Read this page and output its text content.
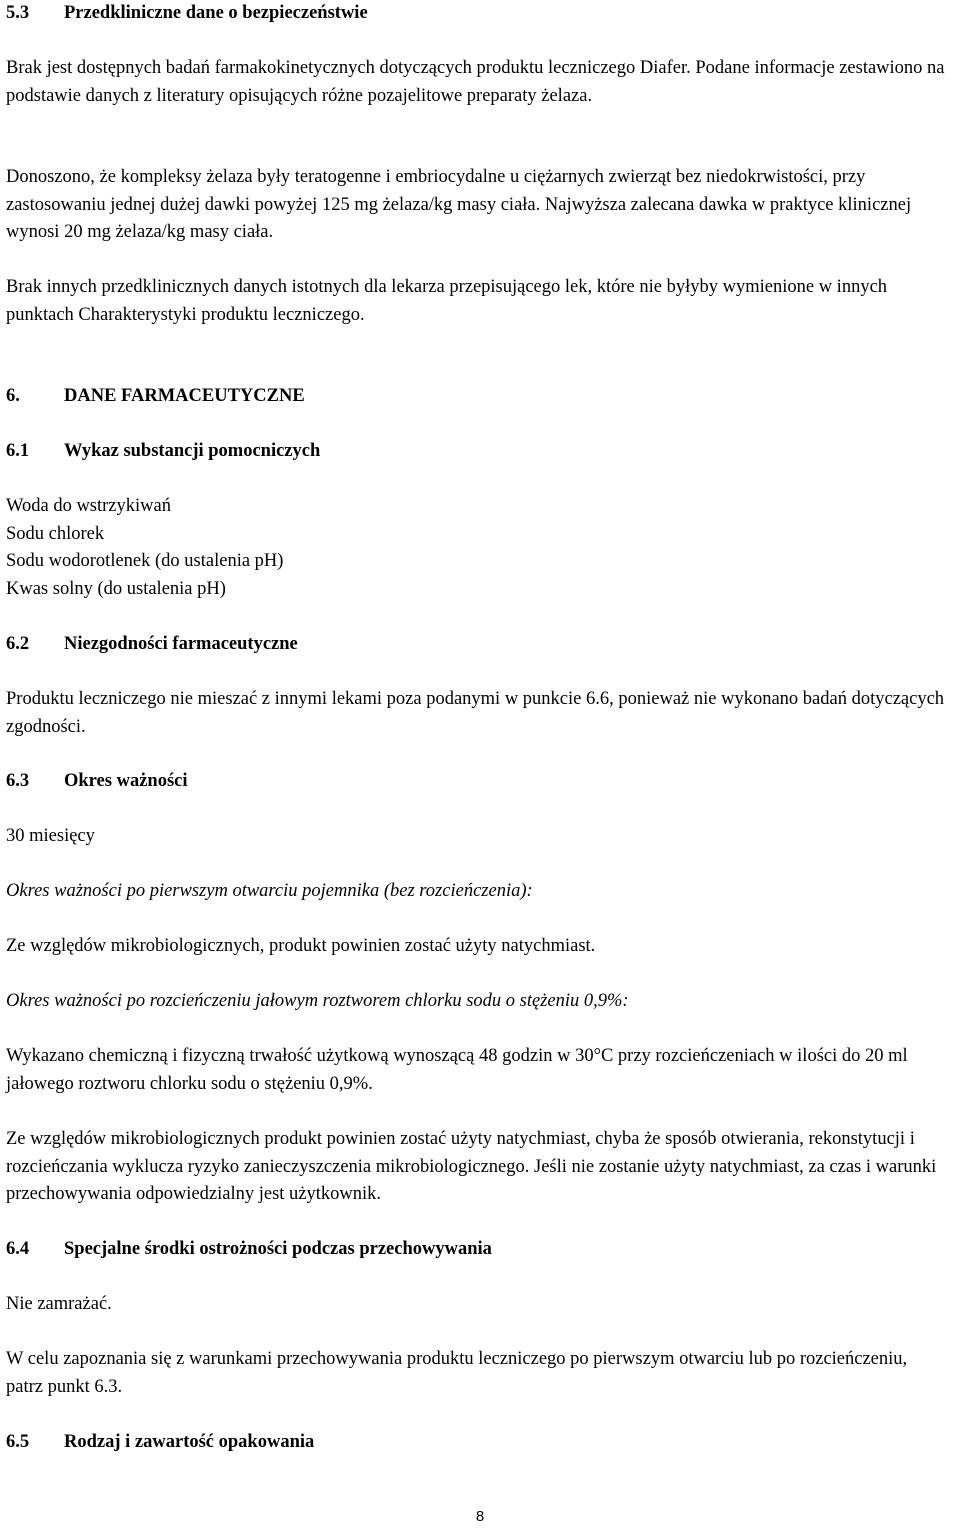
5.3 Przedkliniczne dane o bezpieczeństwie

Brak jest dostępnych badań farmakokinetycznych dotyczących produktu leczniczego Diafer. Podane informacje zestawiono na podstawie danych z literatury opisujących różne pozajelitowe preparaty żelaza.

Donoszono, że kompleksy żelaza były teratogenne i embriocydalne u ciężarnych zwierząt bez niedokrwistości, przy zastosowaniu jednej dużej dawki powyżej 125 mg żelaza/kg masy ciała. Najwyższa zalecana dawka w praktyce klinicznej wynosi 20 mg żelaza/kg masy ciała.

Brak innych przedklinicznych danych istotnych dla lekarza przepisującego lek, które nie byłyby wymienione w innych punktach Charakterystyki produktu leczniczego.

6. DANE FARMACEUTYCZNE

6.1 Wykaz substancji pomocniczych

Woda do wstrzykiwań
Sodu chlorek
Sodu wodorotlenek (do ustalenia pH)
Kwas solny (do ustalenia pH)

6.2 Niezgodności farmaceutyczne

Produktu leczniczego nie mieszać z innymi lekami poza podanymi w punkcie 6.6, ponieważ nie wykonano badań dotyczących zgodności.

6.3 Okres ważności

30 miesięcy

Okres ważności po pierwszym otwarciu pojemnika (bez rozcieńczenia):

Ze względów mikrobiologicznych, produkt powinien zostać użyty natychmiast.

Okres ważności po rozcieńczeniu jałowym roztworem chlorku sodu o stężeniu 0,9%:

Wykazano chemiczną i fizyczną trwałość użytkową wynoszącą 48 godzin w 30°C przy rozcieńczeniach w ilości do 20 ml jałowego roztworu chlorku sodu o stężeniu 0,9%.

Ze względów mikrobiologicznych produkt powinien zostać użyty natychmiast, chyba że sposób otwierania, rekonstytucji i rozcieńczania wyklucza ryzyko zanieczyszczenia mikrobiologicznego. Jeśli nie zostanie użyty natychmiast, za czas i warunki przechowywania odpowiedzialny jest użytkownik.

6.4 Specjalne środki ostrożności podczas przechowywania

Nie zamrażać.

W celu zapoznania się z warunkami przechowywania produktu leczniczego po pierwszym otwarciu lub po rozcieńczeniu, patrz punkt 6.3.

6.5 Rodzaj i zawartość opakowania

8
